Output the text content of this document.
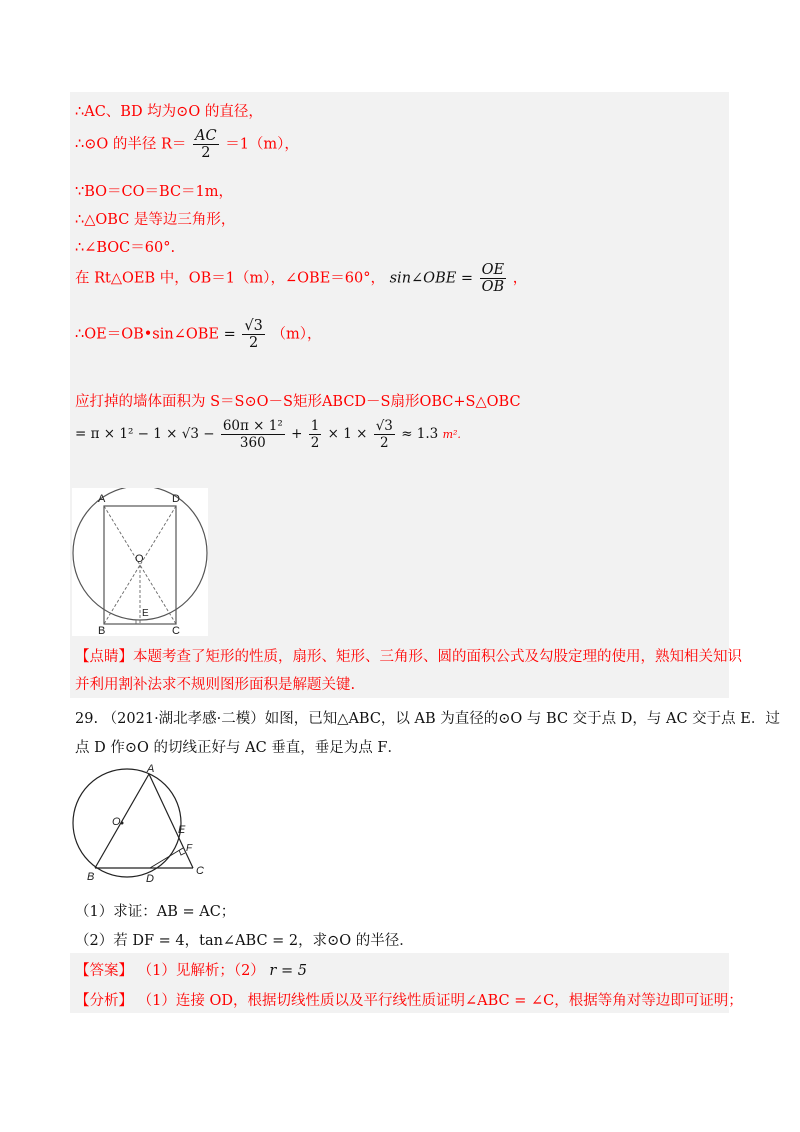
∴AC、BD 均为⊙O 的直径，
∴⊙O 的半径 $R= \frac{AC}{2} =1(m)$，
∵BO＝CO＝BC＝1m，
∴△OBC 是等边三角形，
∴∠BOC＝60°.
在 Rt△OEB 中，OB＝1（m），∠OBE＝60°， sin∠OBE = $\frac{OE}{OB}$ ，
∴OE＝OB•sin∠OBE = $\frac{√3}{2} (m)$，
应打掉的墙体面积为 S＝S⊙O－S矩形ABCD－S扇形OBC+S△OBC
= $\pi \times 1^2 - 1 \times √3 - \frac{\text{60π × 1²}}{360} + \frac{1}{2} \times 1 \times \frac{√3}{2} \approx 1.3$ m².
A	D
O
E
B	C
【点睛】本题考查了矩形的性质，扇形、矩形、三角形、圆的面积公式及勾股定理的使用，熟知相关知识
并利用割补法求不规则图形面积是解题关键.
29. （2021·湖北孝感·二模）如图，已知△ABC，以 AB 为直径的⊙O 与 BC 交于点 D，与 AC 交于点 E．过
点 D 作⊙O 的切线正好与 AC 垂直，垂足为点 F．
A
O
E
F
B	D
C
（1）求证：AB = AC；
（2）若 DF = 4，tan∠ABC = 2，求⊙O 的半径．
【答案】 （1）见解析；（2） r = 5
【分析】 （1）连接 OD，根据切线性质以及平行线性质证明∠ABC = ∠C，根据等角对等边即可证明；
